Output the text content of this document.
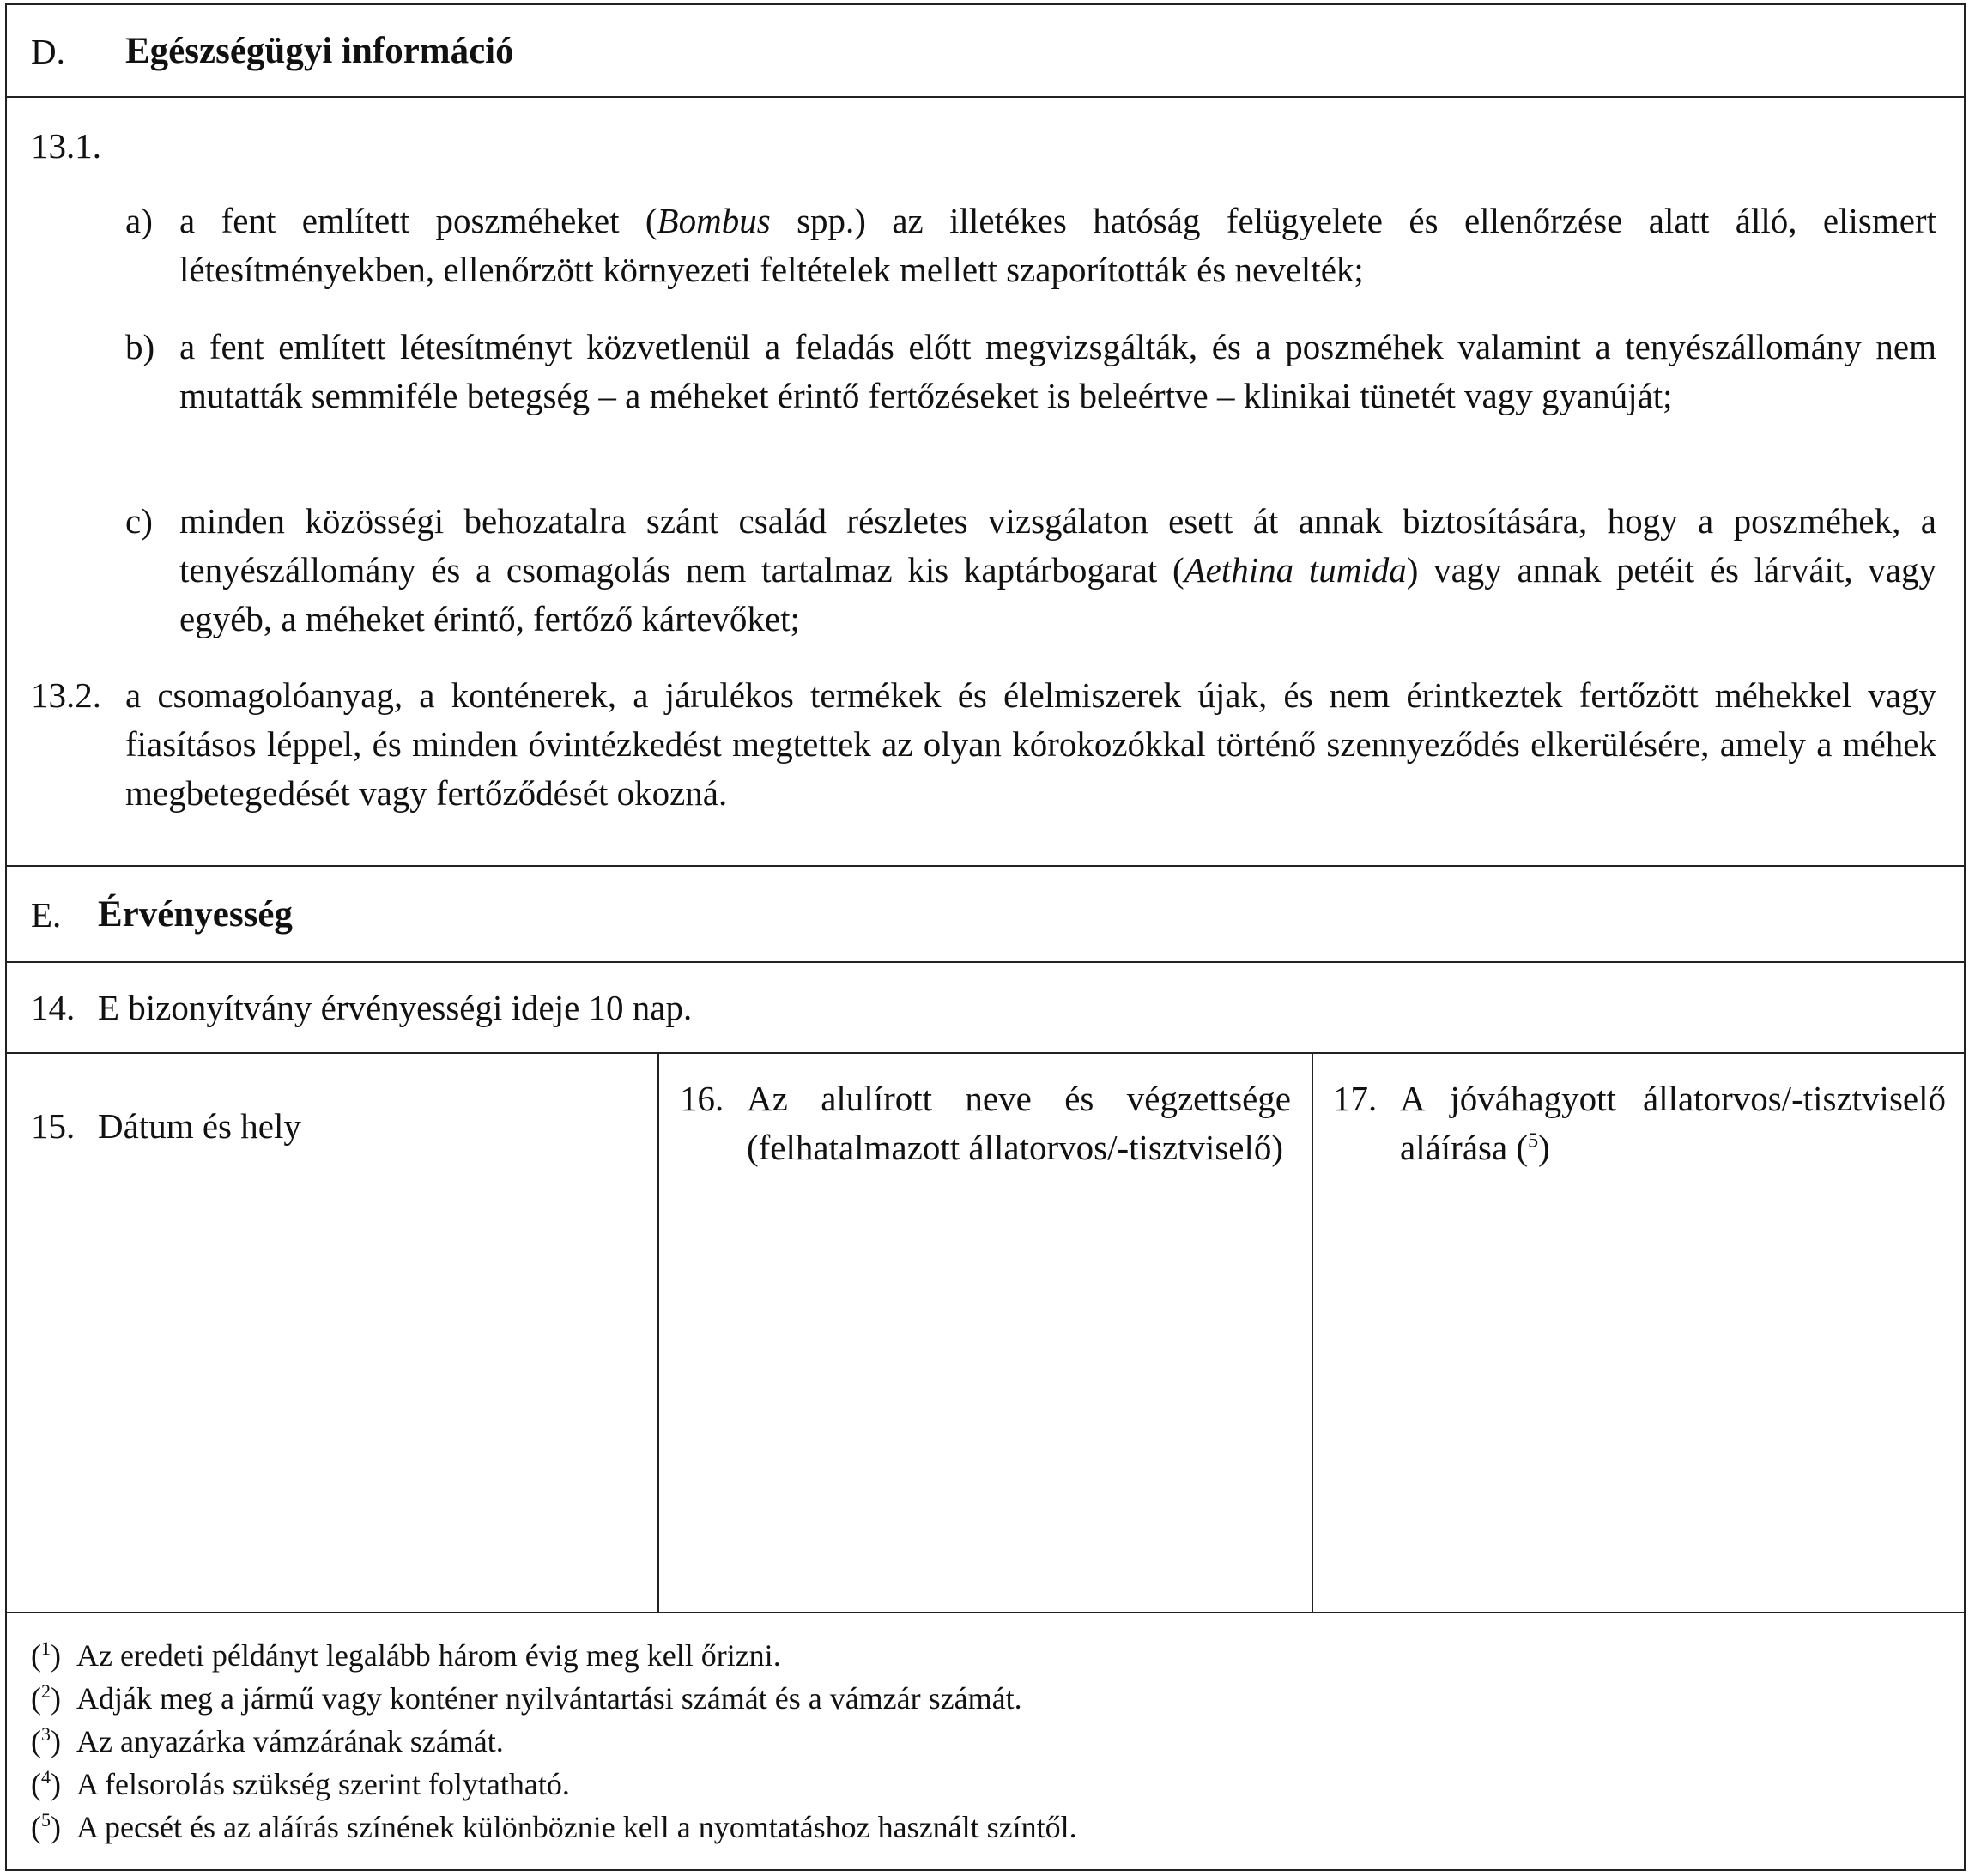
D. Egészségügyi információ
13.1.
a) a fent említett poszméheket (Bombus spp.) az illetékes hatóság felügyelete és ellenőrzése alatt álló, elismert létesítményekben, ellenőrzött környezeti feltételek mellett szaporították és nevelték;
b) a fent említett létesítményt közvetlenül a feladás előtt megvizsgálták, és a poszméhek valamint a tenyészállomány nem mutatták semmiféle betegség – a méheket érintő fertőzéseket is beleértve – klinikai tünetét vagy gyanúját;
c) minden közösségi behozatalra szánt család részletes vizsgálaton esett át annak biztosítására, hogy a poszméhek, a tenyészállomány és a csomagolás nem tartalmaz kis kaptárbogarat (Aethina tumida) vagy annak petéit és lárváit, vagy egyéb, a méheket érintő, fertőző kártevőket;
13.2. a csomagolóanyag, a konténerek, a járulékos termékek és élelmiszerek újak, és nem érintkeztek fertőzött méhekkel vagy fiasításos léppel, és minden óvintézkedést megtettek az olyan kórokozókkal történő szennyeződés elkerülésére, amely a méhek megbetegedését vagy fertőződését okozná.
E. Érvényesség
14. E bizonyítvány érvényességi ideje 10 nap.
15. Dátum és hely
16. Az alulírott neve és végzettsége (felhatalmazott állatorvos/-tisztviselő)
17. A jóváhagyott állatorvos/-tisztviselő aláírása ($^5$)
($^1$)  Az eredeti példányt legalább három évig meg kell őrizni.
($^2$)  Adják meg a jármű vagy konténer nyilvántartási számát és a vámzár számát.
($^3$)  Az anyazárka vámzárának számát.
($^4$)  A felsorolás szükség szerint folytatható.
($^5$)  A pecsét és az aláírás színének különböznie kell a nyomtatáshoz használt színtől.
